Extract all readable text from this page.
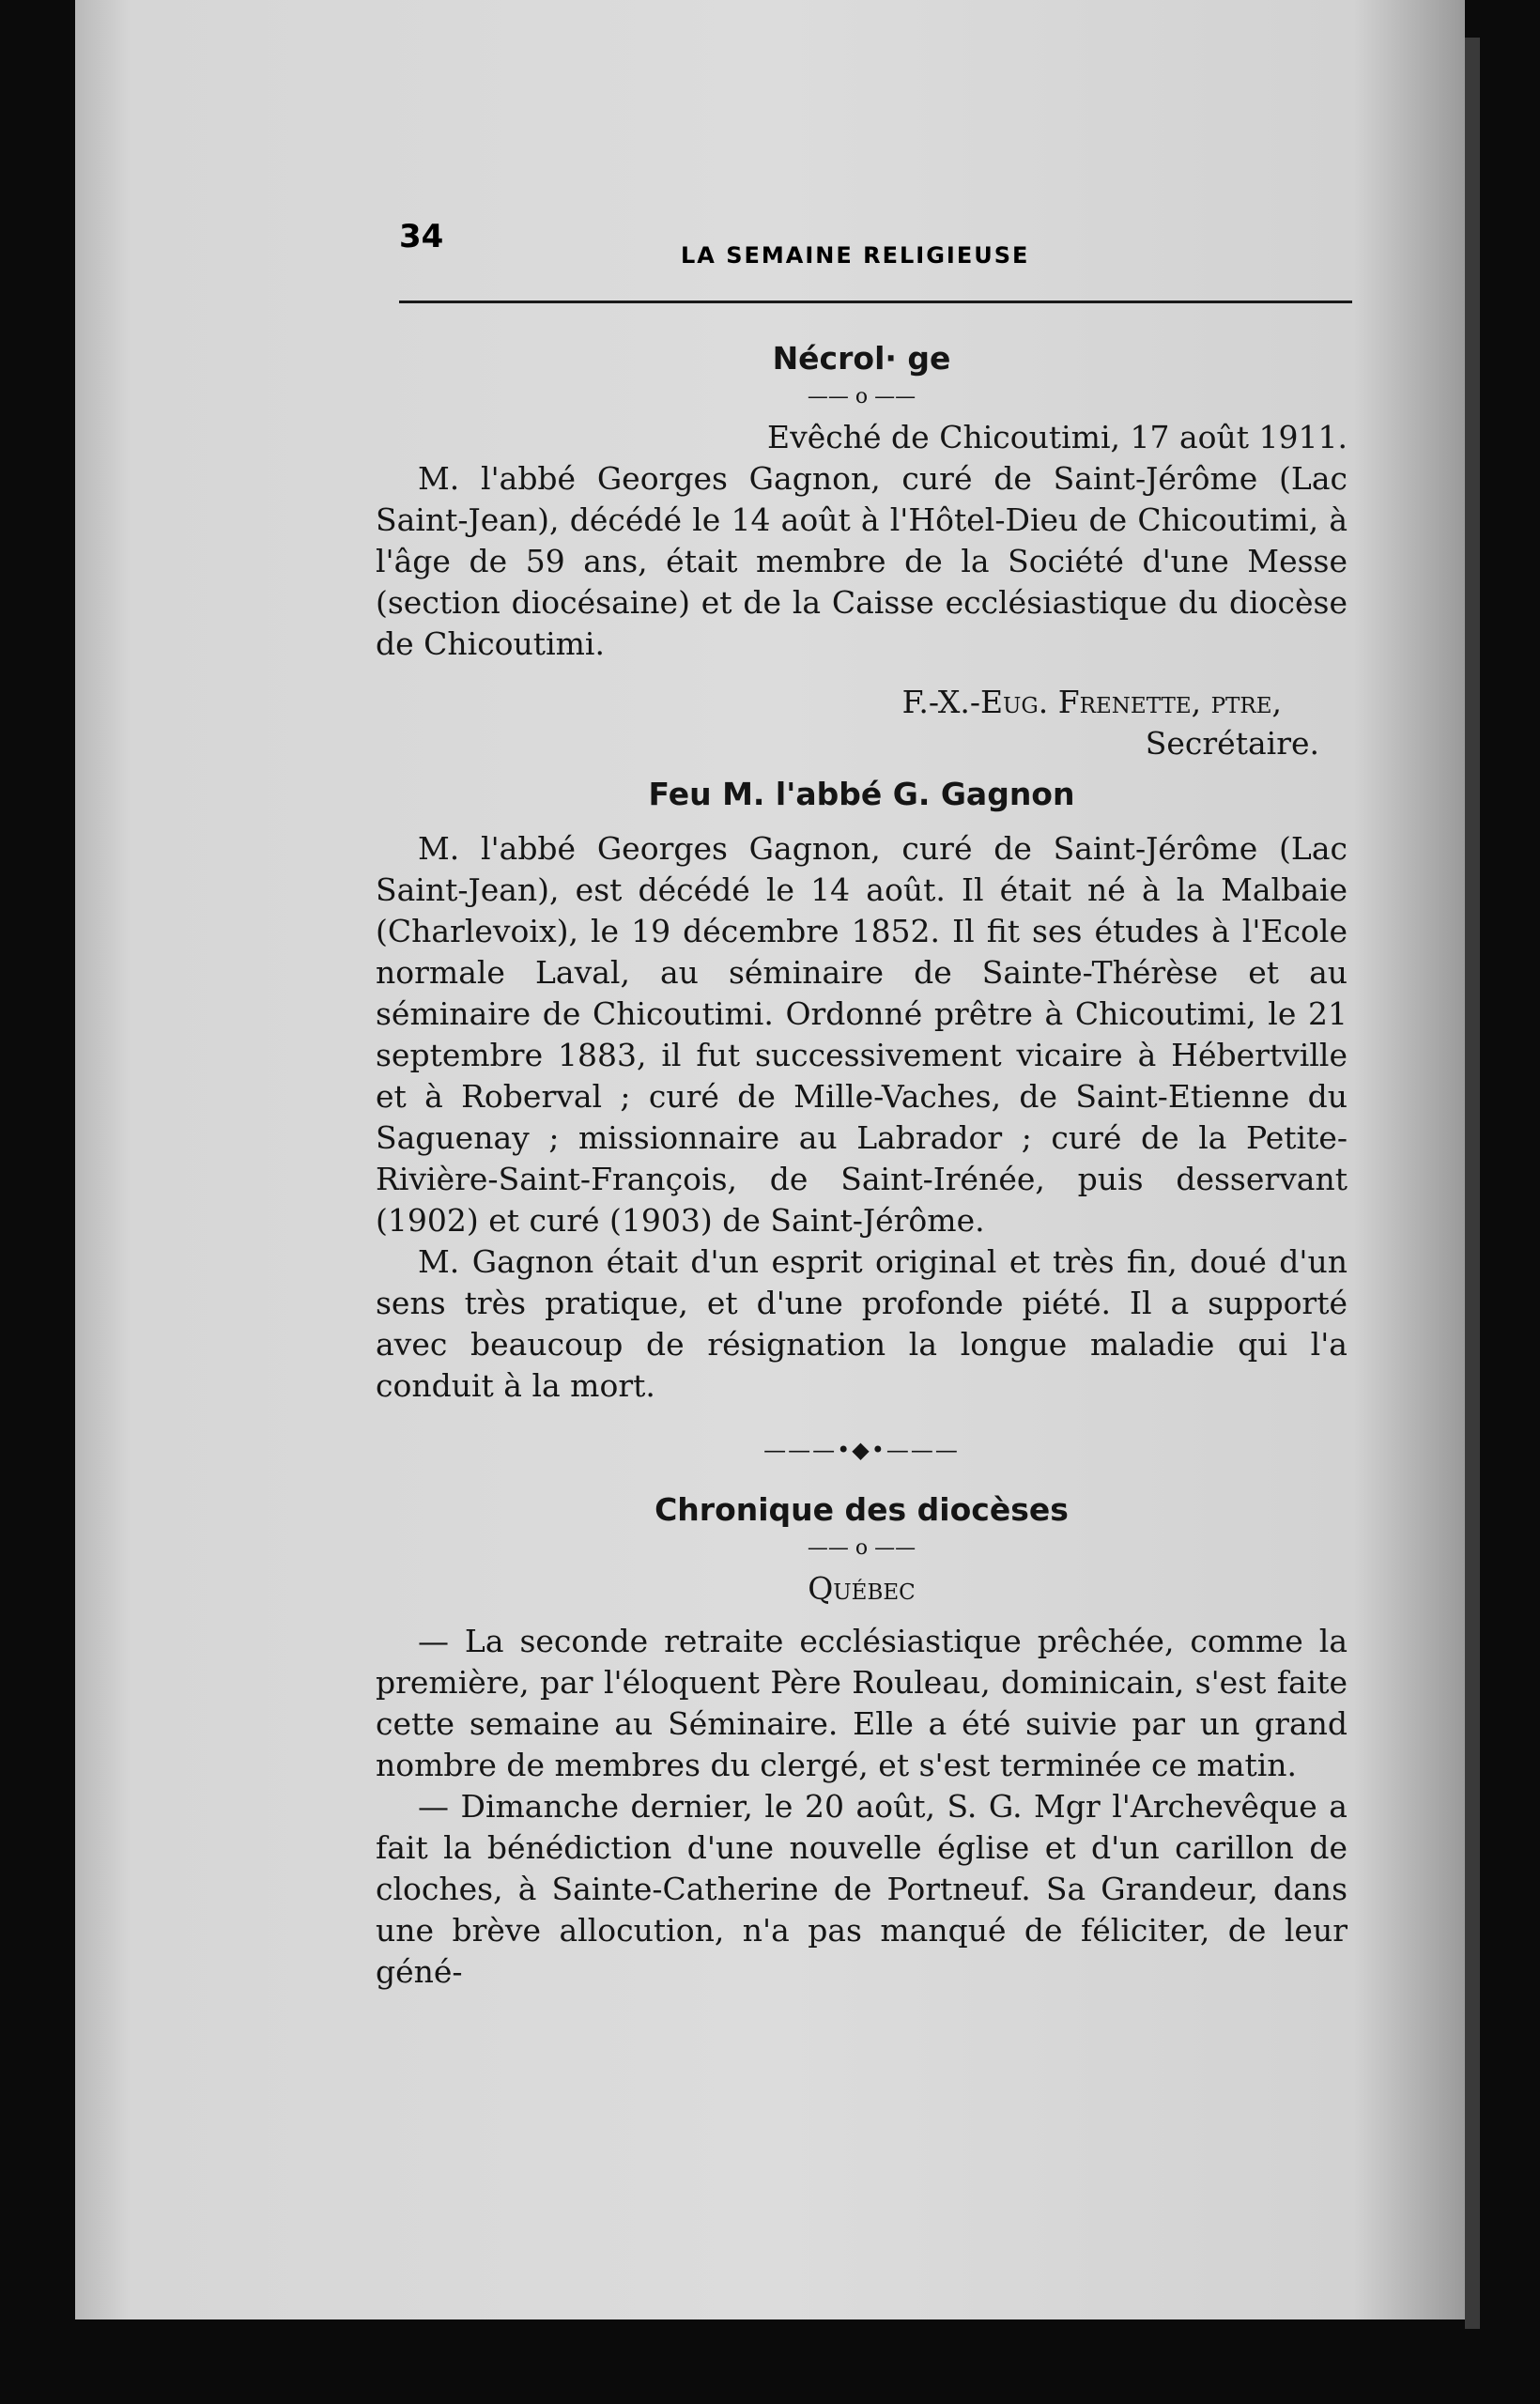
34	LA SEMAINE RELIGIEUSE
Nécrol· ge
—— o ——

Evêché de Chicoutimi, 17 août 1911.

M. l'abbé Georges Gagnon, curé de Saint-Jérôme (Lac Saint-Jean), décédé le 14 août à l'Hôtel-Dieu de Chicoutimi, à l'âge de 59 ans, était membre de la Société d'une Messe (section diocésaine) et de la Caisse ecclésiastique du diocèse de Chicoutimi.

F.-X.-Eug. Frenette, ptre,

Secrétaire.

Feu M. l'abbé G. Gagnon

M. l'abbé Georges Gagnon, curé de Saint-Jérôme (Lac Saint-Jean), est décédé le 14 août. Il était né à la Malbaie (Charlevoix), le 19 décembre 1852. Il fit ses études à l'Ecole normale Laval, au séminaire de Sainte-Thérèse et au séminaire de Chicoutimi. Ordonné prêtre à Chicoutimi, le 21 septembre 1883, il fut successivement vicaire à Hébertville et à Roberval ; curé de Mille-Vaches, de Saint-Etienne du Saguenay ; missionnaire au Labrador ; curé de la Petite-Rivière-Saint-François, de Saint-Irénée, puis desservant (1902) et curé (1903) de Saint-Jérôme.

M. Gagnon était d'un esprit original et très fin, doué d'un sens très pratique, et d'une profonde piété. Il a supporté avec beaucoup de résignation la longue maladie qui l'a conduit à la mort.

———•◆•———
Chronique des diocèses
—— o ——

Québec

— La seconde retraite ecclésiastique prêchée, comme la première, par l'éloquent Père Rouleau, dominicain, s'est faite cette semaine au Séminaire. Elle a été suivie par un grand nombre de membres du clergé, et s'est terminée ce matin.

— Dimanche dernier, le 20 août, S. G. Mgr l'Archevêque a fait la bénédiction d'une nouvelle église et d'un carillon de cloches, à Sainte-Catherine de Portneuf. Sa Grandeur, dans une brève allocution, n'a pas manqué de féliciter, de leur géné-
